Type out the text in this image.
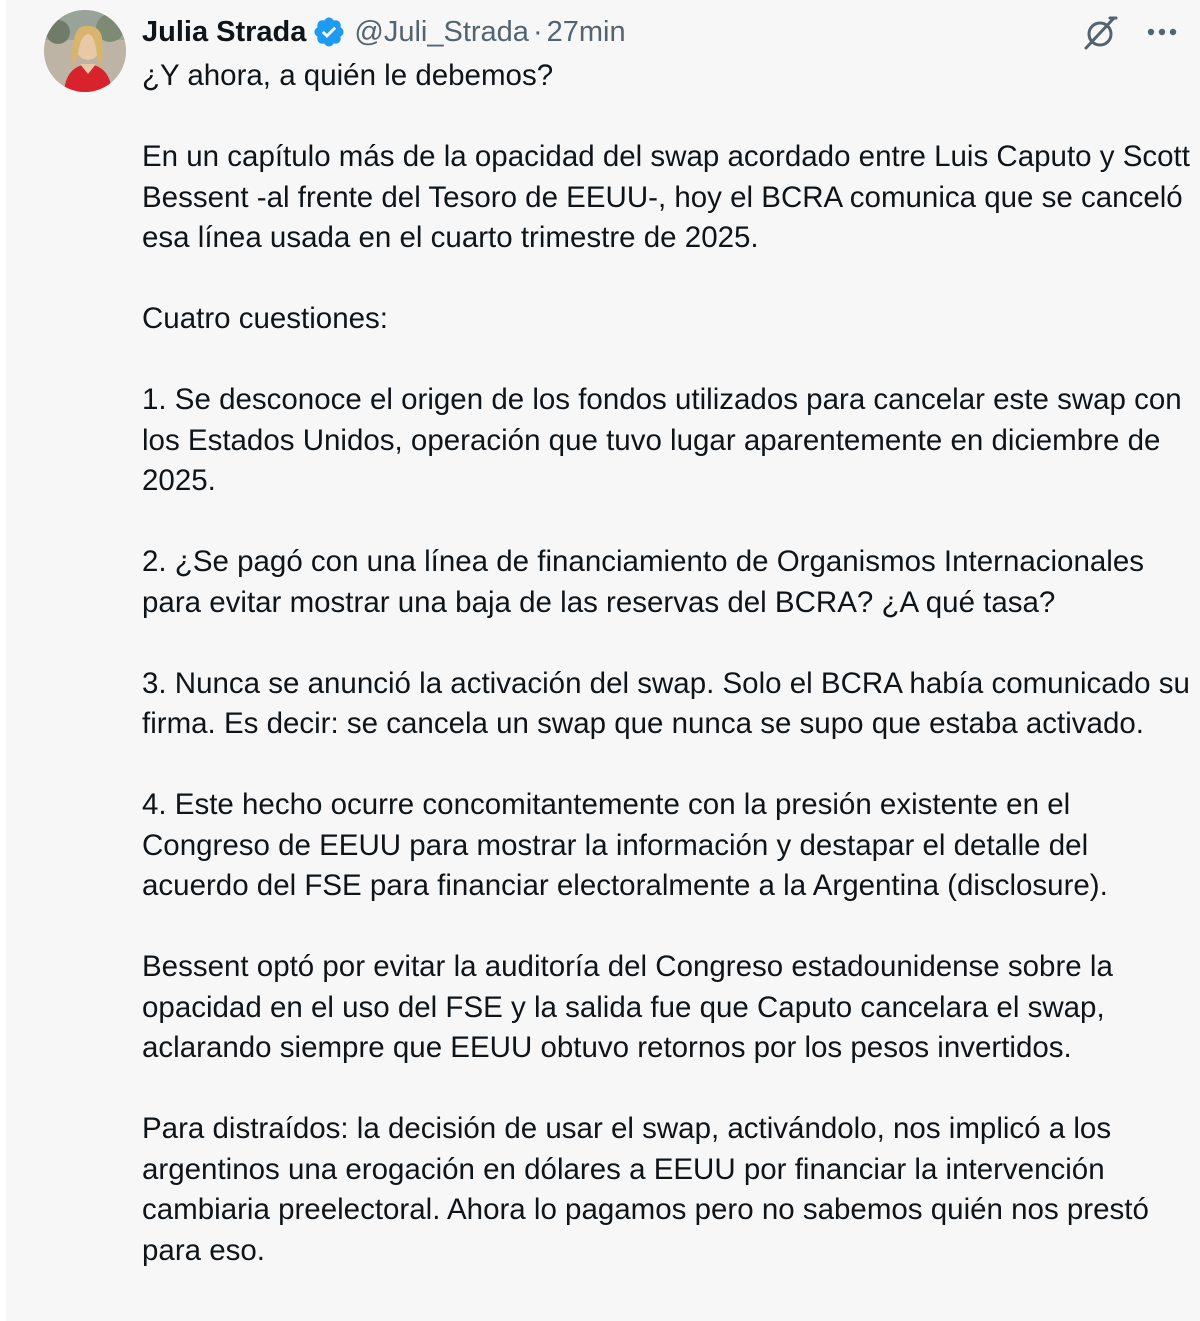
Julia Strada @Juli_Strada · 27min

¿Y ahora, a quién le debemos?

En un capítulo más de la opacidad del swap acordado entre Luis Caputo y Scott Bessent -al frente del Tesoro de EEUU-, hoy el BCRA comunica que se canceló esa línea usada en el cuarto trimestre de 2025.

Cuatro cuestiones:

1. Se desconoce el origen de los fondos utilizados para cancelar este swap con los Estados Unidos, operación que tuvo lugar aparentemente en diciembre de 2025.

2. ¿Se pagó con una línea de financiamiento de Organismos Internacionales para evitar mostrar una baja de las reservas del BCRA? ¿A qué tasa?

3. Nunca se anunció la activación del swap. Solo el BCRA había comunicado su firma. Es decir: se cancela un swap que nunca se supo que estaba activado.

4. Este hecho ocurre concomitantemente con la presión existente en el Congreso de EEUU para mostrar la información y destapar el detalle del acuerdo del FSE para financiar electoralmente a la Argentina (disclosure).

Bessent optó por evitar la auditoría del Congreso estadounidense sobre la opacidad en el uso del FSE y la salida fue que Caputo cancelara el swap, aclarando siempre que EEUU obtuvo retornos por los pesos invertidos.

Para distraídos: la decisión de usar el swap, activándolo, nos implicó a los argentinos una erogación en dólares a EEUU por financiar la intervención cambiaria preelectoral. Ahora lo pagamos pero no sabemos quién nos prestó para eso.
